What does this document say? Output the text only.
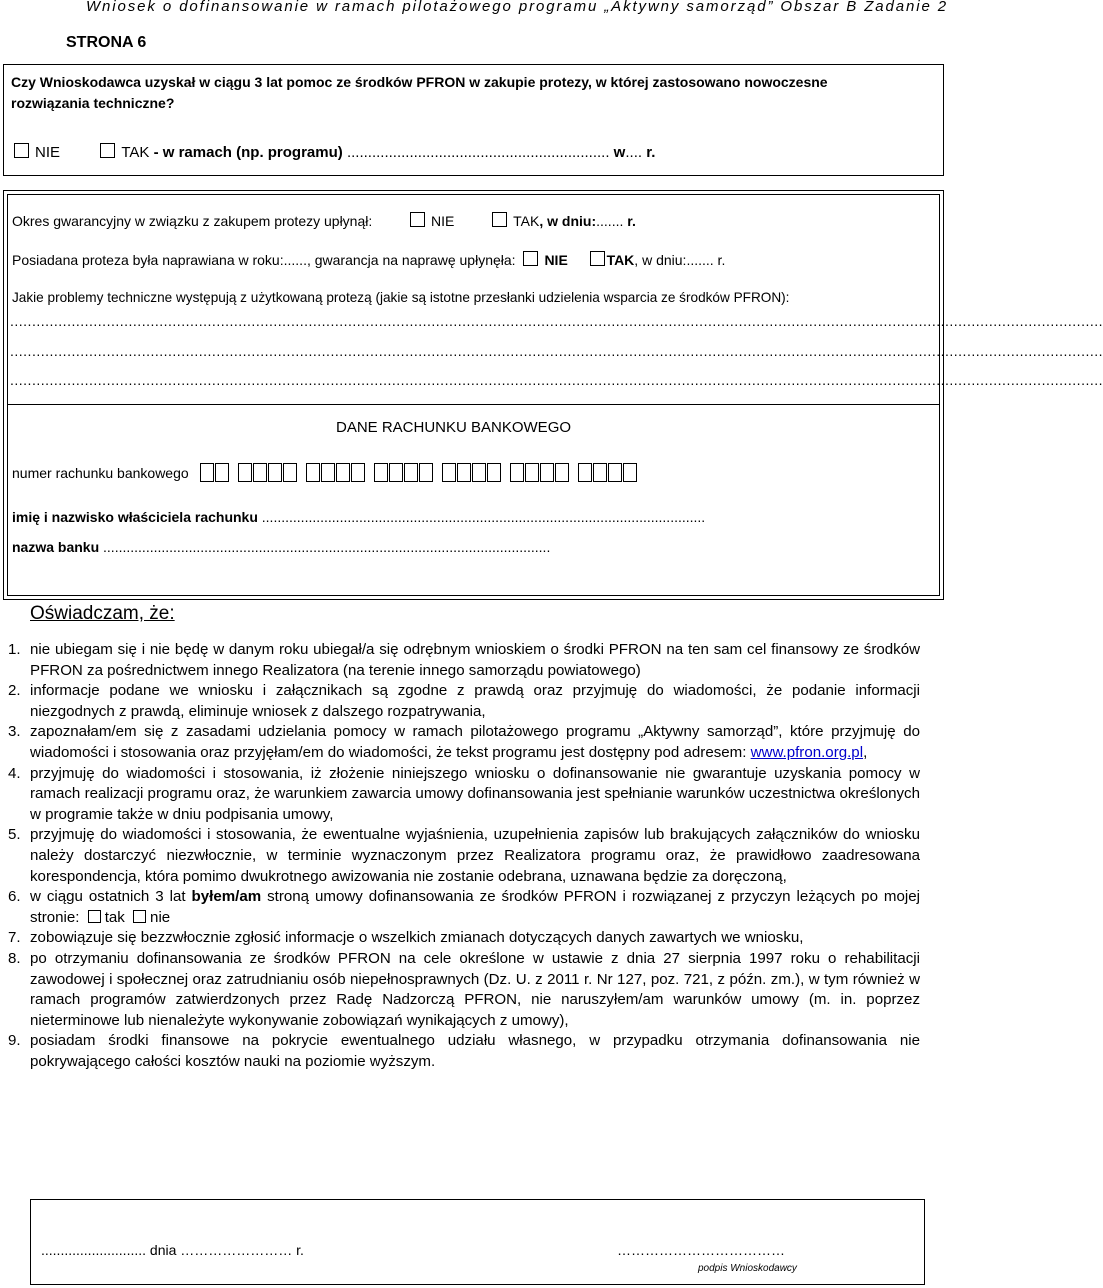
Wniosek o dofinansowanie w ramach pilotażowego programu „Aktywny samorząd” Obszar B Zadanie 2
STRONA 6
Czy Wnioskodawca uzyskał w ciągu 3 lat pomoc ze środków PFRON w zakupie protezy, w której zastosowano nowoczesne
rozwiązania techniczne?
NIE	TAK - w ramach (np. programu) ............................................................... w.... r.
Okres gwarancyjny w związku z zakupem protezy upłynął:	NIE	TAK, w dniu:....... r.
Posiadana proteza była naprawiana w roku:......, gwarancja na naprawę upłynęła: NIE	TAK, w dniu:....... r.
Jakie problemy techniczne występują z użytkowaną protezą (jakie są istotne przesłanki udzielenia wsparcia ze środków PFRON):
.........................................................................................................................................................................................................................................................
.........................................................................................................................................................................................................................................................
.........................................................................................................................................................................................................................................................
DANE RACHUNKU BANKOWEGO
numer rachunku bankowego
imię i nazwisko właściciela rachunku ..................................................................................................................
nazwa banku ...................................................................................................................
Oświadczam, że:
1. nie ubiegam się i nie będę w danym roku ubiegał/a się odrębnym wnioskiem o środki PFRON na ten sam cel finansowy ze środków PFRON za pośrednictwem innego Realizatora (na terenie innego samorządu powiatowego)
2. informacje podane we wniosku i załącznikach są zgodne z prawdą oraz przyjmuję do wiadomości, że podanie informacji niezgodnych z prawdą, eliminuje wniosek z dalszego rozpatrywania,
3. zapoznałam/em się z zasadami udzielania pomocy w ramach pilotażowego programu „Aktywny samorząd”, które przyjmuję do wiadomości i stosowania oraz przyjęłam/em do wiadomości, że tekst programu jest dostępny pod adresem: www.pfron.org.pl,
4. przyjmuję do wiadomości i stosowania, iż złożenie niniejszego wniosku o dofinansowanie nie gwarantuje uzyskania pomocy w ramach realizacji programu oraz, że warunkiem zawarcia umowy dofinansowania jest spełnianie warunków uczestnictwa określonych w programie także w dniu podpisania umowy,
5. przyjmuję do wiadomości i stosowania, że ewentualne wyjaśnienia, uzupełnienia zapisów lub brakujących załączników do wniosku należy dostarczyć niezwłocznie, w terminie wyznaczonym przez Realizatora programu oraz, że prawidłowo zaadresowana korespondencja, która pomimo dwukrotnego awizowania nie zostanie odebrana, uznawana będzie za doręczoną,
6. w ciągu ostatnich 3 lat byłem/am stroną umowy dofinansowania ze środków PFRON i rozwiązanej z przyczyn leżących po mojej stronie: tak nie
7. zobowiązuje się bezzwłocznie zgłosić informacje o wszelkich zmianach dotyczących danych zawartych we wniosku,
8. po otrzymaniu dofinansowania ze środków PFRON na cele określone w ustawie z dnia 27 sierpnia 1997 roku o rehabilitacji zawodowej i społecznej oraz zatrudnianiu osób niepełnosprawnych (Dz. U. z 2011 r. Nr 127, poz. 721, z późn. zm.), w tym również w ramach programów zatwierdzonych przez Radę Nadzorczą PFRON, nie naruszyłem/am warunków umowy (m. in. poprzez nieterminowe lub nienależyte wykonywanie zobowiązań wynikających z umowy),
9. posiadam środki finansowe na pokrycie ewentualnego udziału własnego, w przypadku otrzymania dofinansowania nie pokrywającego całości kosztów nauki na poziomie wyższym.
........................... dnia …………………… r.	………………………………
podpis Wnioskodawcy
